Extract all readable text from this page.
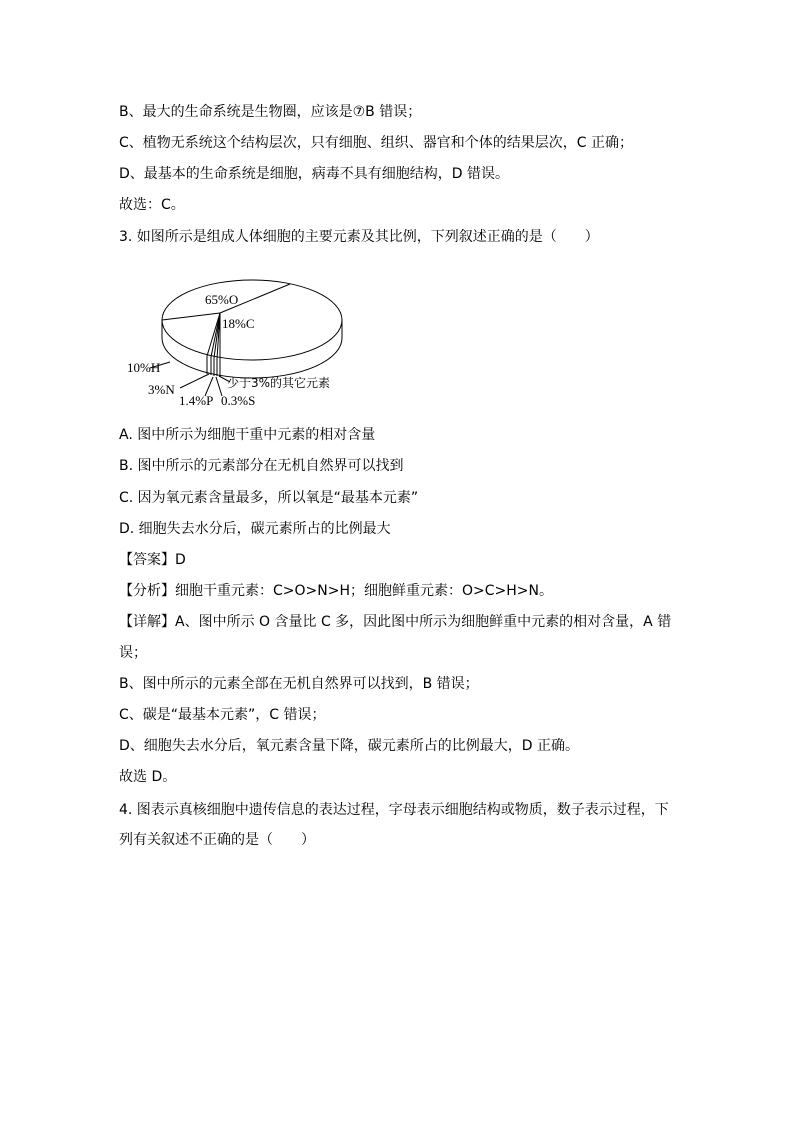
B、最大的生命系统是生物圈，应该是⑦B 错误；
C、植物无系统这个结构层次，只有细胞、组织、器官和个体的结果层次，C 正确；
D、最基本的生命系统是细胞，病毒不具有细胞结构，D 错误。
故选：C。
3. 如图所示是组成人体细胞的主要元素及其比例，下列叙述正确的是（　　）
65%O
18%C
10%H
3%N
1.4%P 0.3%S
少于3%的其它元素
A. 图中所示为细胞干重中元素的相对含量
B. 图中所示的元素部分在无机自然界可以找到
C. 因为氧元素含量最多，所以氧是“最基本元素”
D. 细胞失去水分后，碳元素所占的比例最大
【答案】D
【分析】细胞干重元素：C>O>N>H；细胞鲜重元素：O>C>H>N。
【详解】A、图中所示 O 含量比 C 多，因此图中所示为细胞鲜重中元素的相对含量，A 错
误；
B、图中所示的元素全部在无机自然界可以找到，B 错误；
C、碳是“最基本元素”，C 错误；
D、细胞失去水分后，氧元素含量下降，碳元素所占的比例最大，D 正确。
故选 D。
4. 图表示真核细胞中遗传信息的表达过程，字母表示细胞结构或物质，数子表示过程，下
列有关叙述不正确的是（　　）
